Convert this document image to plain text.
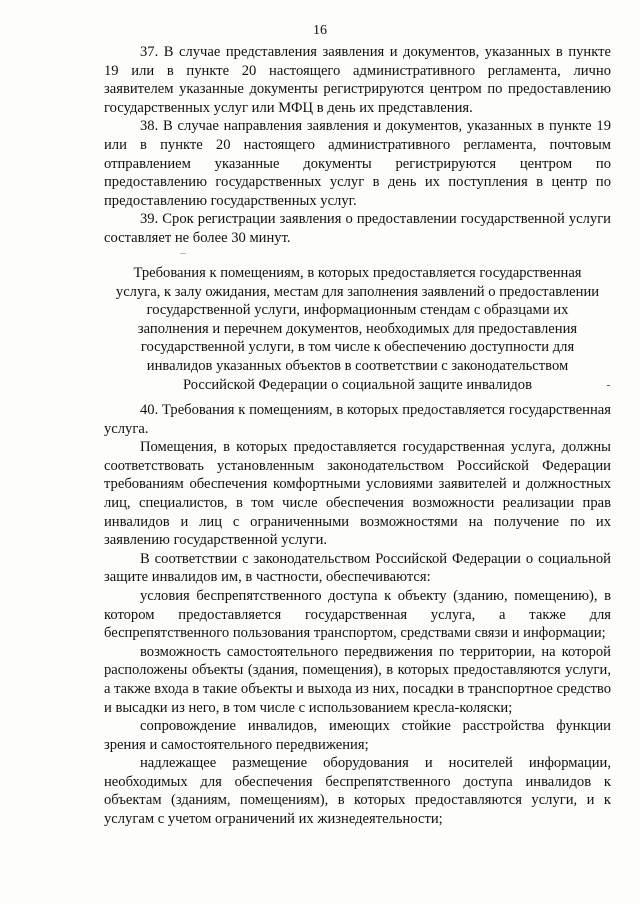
16

37. В случае представления заявления и документов, указанных в пункте 19 или в пункте 20 настоящего административного регламента, лично заявителем указанные документы регистрируются центром по предоставлению государственных услуг или МФЦ в день их представления.

38. В случае направления заявления и документов, указанных в пункте 19 или в пункте 20 настоящего административного регламента, почтовым отправлением указанные документы регистрируются центром по предоставлению государственных услуг в день их поступления в центр по предоставлению государственных услуг.

39. Срок регистрации заявления о предоставлении государственной услуги составляет не более 30 минут.

Требования к помещениям, в которых предоставляется государственная
услуга, к залу ожидания, местам для заполнения заявлений о предоставлении
государственной услуги, информационным стендам с образцами их
заполнения и перечнем документов, необходимых для предоставления
государственной услуги, в том числе к обеспечению доступности для
инвалидов указанных объектов в соответствии с законодательством
Российской Федерации о социальной защите инвалидов

40. Требования к помещениям, в которых предоставляется государственная услуга.

Помещения, в которых предоставляется государственная услуга, должны соответствовать установленным законодательством Российской Федерации требованиям обеспечения комфортными условиями заявителей и должностных лиц, специалистов, в том числе обеспечения возможности реализации прав инвалидов и лиц с ограниченными возможностями на получение по их заявлению государственной услуги.

В соответствии с законодательством Российской Федерации о социальной защите инвалидов им, в частности, обеспечиваются:

условия беспрепятственного доступа к объекту (зданию, помещению), в котором предоставляется государственная услуга, а также для беспрепятственного пользования транспортом, средствами связи и информации;

возможность самостоятельного передвижения по территории, на которой расположены объекты (здания, помещения), в которых предоставляются услуги, а также входа в такие объекты и выхода из них, посадки в транспортное средство и высадки из него, в том числе с использованием кресла-коляски;

сопровождение инвалидов, имеющих стойкие расстройства функции зрения и самостоятельного передвижения;

надлежащее размещение оборудования и носителей информации, необходимых для обеспечения беспрепятственного доступа инвалидов к объектам (зданиям, помещениям), в которых предоставляются услуги, и к услугам с учетом ограничений их жизнедеятельности;
